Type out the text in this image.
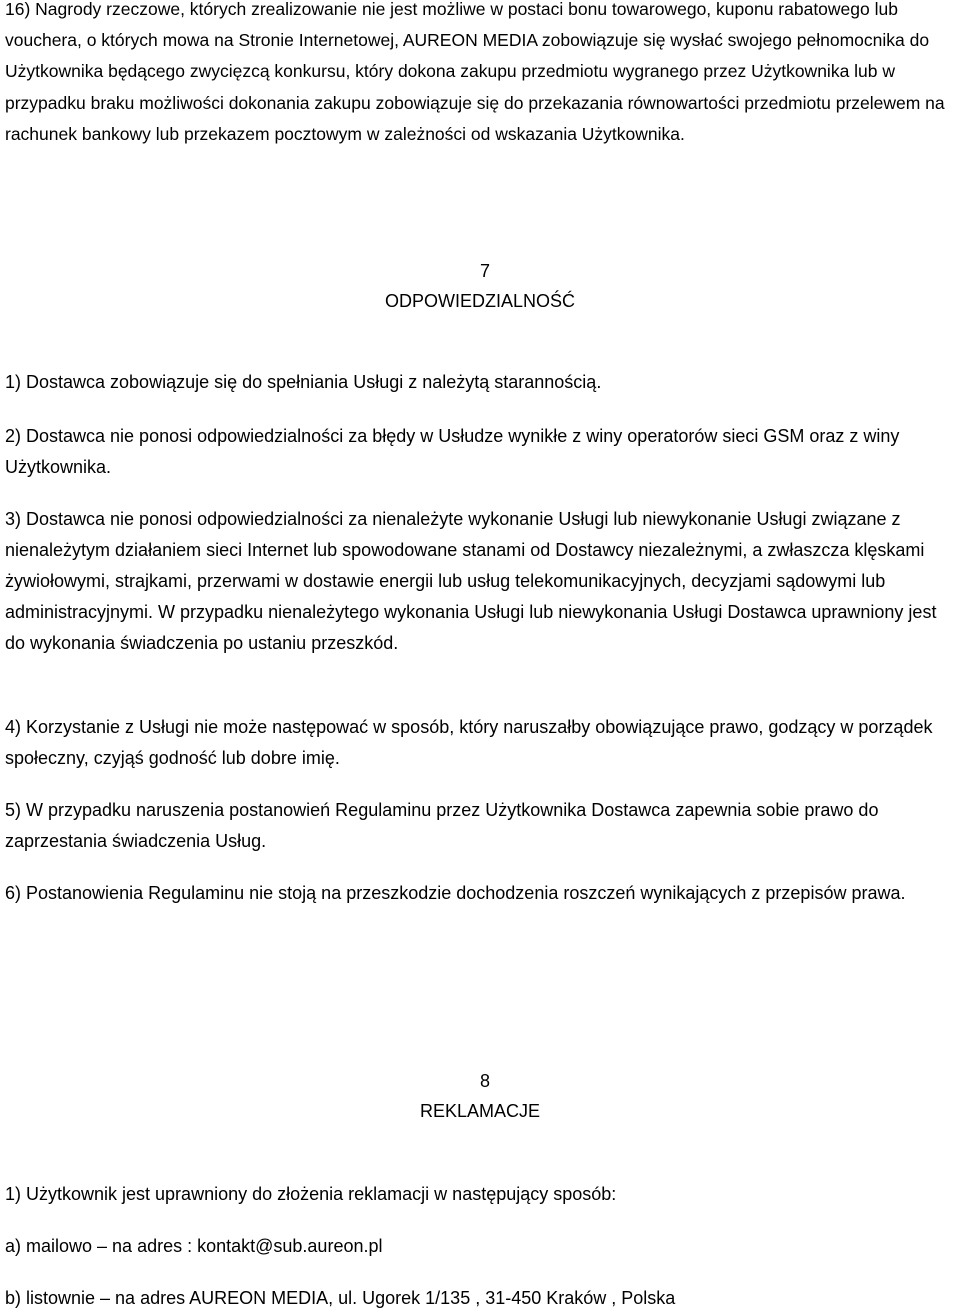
16) Nagrody rzeczowe, których zrealizowanie nie jest możliwe w postaci bonu towarowego, kuponu rabatowego lub vouchera, o których mowa na Stronie Internetowej, AUREON MEDIA zobowiązuje się wysłać swojego pełnomocnika do Użytkownika będącego zwycięzcą konkursu, który dokona zakupu przedmiotu wygranego przez Użytkownika lub w przypadku braku możliwości dokonania zakupu zobowiązuje się do przekazania równowartości przedmiotu przelewem na rachunek bankowy lub przekazem pocztowym w zależności od wskazania Użytkownika.

7
ODPOWIEDZIALNOŚĆ

1) Dostawca zobowiązuje się do spełniania Usługi z należytą starannością.

2) Dostawca nie ponosi odpowiedzialności za błędy w Usłudze wynikłe z winy operatorów sieci GSM oraz z winy Użytkownika.

3) Dostawca nie ponosi odpowiedzialności za nienależyte wykonanie Usługi lub niewykonanie Usługi związane z nienależytym działaniem sieci Internet lub spowodowane stanami od Dostawcy niezależnymi, a zwłaszcza klęskami żywiołowymi, strajkami, przerwami w dostawie energii lub usług telekomunikacyjnych, decyzjami sądowymi lub administracyjnymi. W przypadku nienależytego wykonania Usługi lub niewykonania Usługi Dostawca uprawniony jest do wykonania świadczenia po ustaniu przeszkód.

4) Korzystanie z Usługi nie może następować w sposób, który naruszałby obowiązujące prawo, godzący w porządek społeczny, czyjąś godność lub dobre imię.

5) W przypadku naruszenia postanowień Regulaminu przez Użytkownika Dostawca zapewnia sobie prawo do zaprzestania świadczenia Usług.

6) Postanowienia Regulaminu nie stoją na przeszkodzie dochodzenia roszczeń wynikających z przepisów prawa.

8
REKLAMACJE

1) Użytkownik jest uprawniony do złożenia reklamacji w następujący sposób:

a) mailowo – na adres : kontakt@sub.aureon.pl

b) listownie – na adres AUREON MEDIA, ul. Ugorek 1/135 , 31-450 Kraków , Polska
